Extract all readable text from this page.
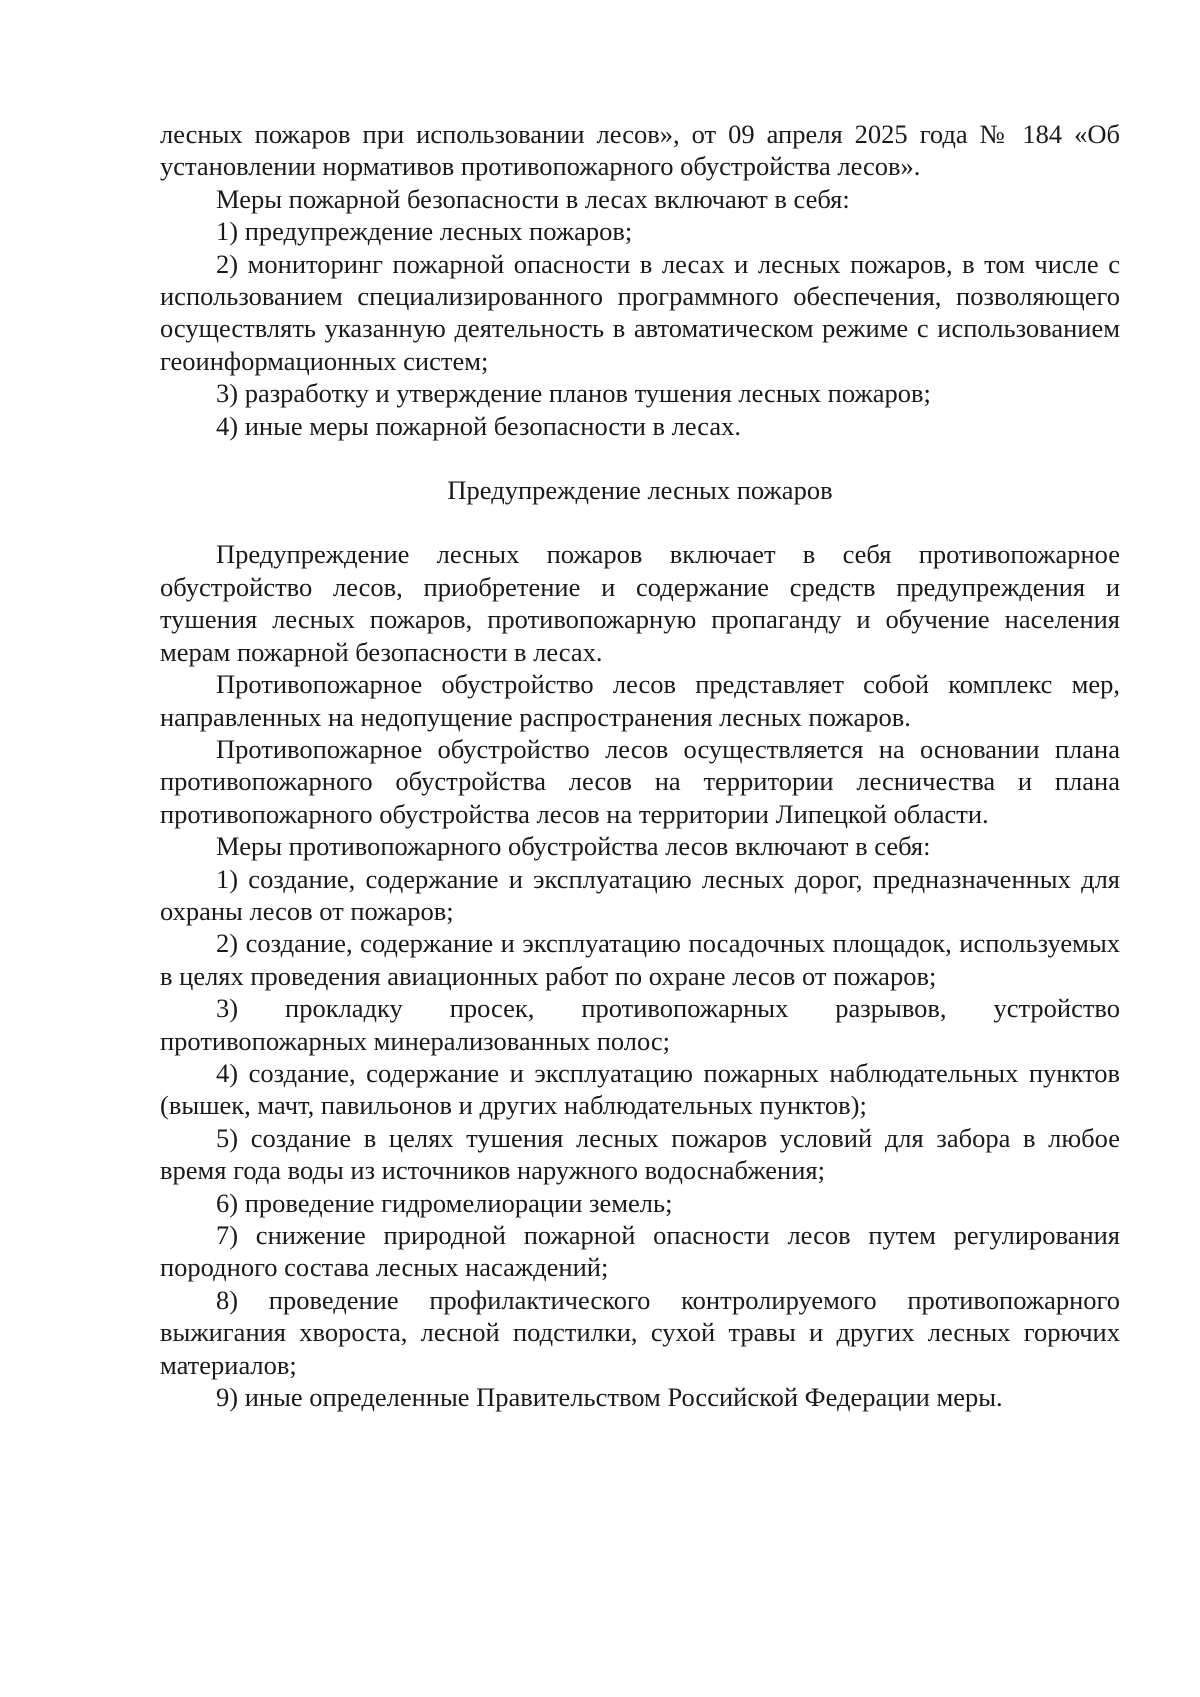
лесных пожаров при использовании лесов», от 09 апреля 2025 года № 184 «Об установлении нормативов противопожарного обустройства лесов».

Меры пожарной безопасности в лесах включают в себя:

1) предупреждение лесных пожаров;

2) мониторинг пожарной опасности в лесах и лесных пожаров, в том числе с использованием специализированного программного обеспечения, позволяющего осуществлять указанную деятельность в автоматическом режиме с использованием геоинформационных систем;

3) разработку и утверждение планов тушения лесных пожаров;

4) иные меры пожарной безопасности в лесах.

Предупреждение лесных пожаров

Предупреждение лесных пожаров включает в себя противопожарное обустройство лесов, приобретение и содержание средств предупреждения и тушения лесных пожаров, противопожарную пропаганду и обучение населения мерам пожарной безопасности в лесах.

Противопожарное обустройство лесов представляет собой комплекс мер, направленных на недопущение распространения лесных пожаров.

Противопожарное обустройство лесов осуществляется на основании плана противопожарного обустройства лесов на территории лесничества и плана противопожарного обустройства лесов на территории Липецкой области.

Меры противопожарного обустройства лесов включают в себя:

1) создание, содержание и эксплуатацию лесных дорог, предназначенных для охраны лесов от пожаров;

2) создание, содержание и эксплуатацию посадочных площадок, используемых в целях проведения авиационных работ по охране лесов от пожаров;

3) прокладку просек, противопожарных разрывов, устройство противопожарных минерализованных полос;

4) создание, содержание и эксплуатацию пожарных наблюдательных пунктов (вышек, мачт, павильонов и других наблюдательных пунктов);

5) создание в целях тушения лесных пожаров условий для забора в любое время года воды из источников наружного водоснабжения;

6) проведение гидромелиорации земель;

7) снижение природной пожарной опасности лесов путем регулирования породного состава лесных насаждений;

8) проведение профилактического контролируемого противопожарного выжигания хвороста, лесной подстилки, сухой травы и других лесных горючих материалов;

9) иные определенные Правительством Российской Федерации меры.
